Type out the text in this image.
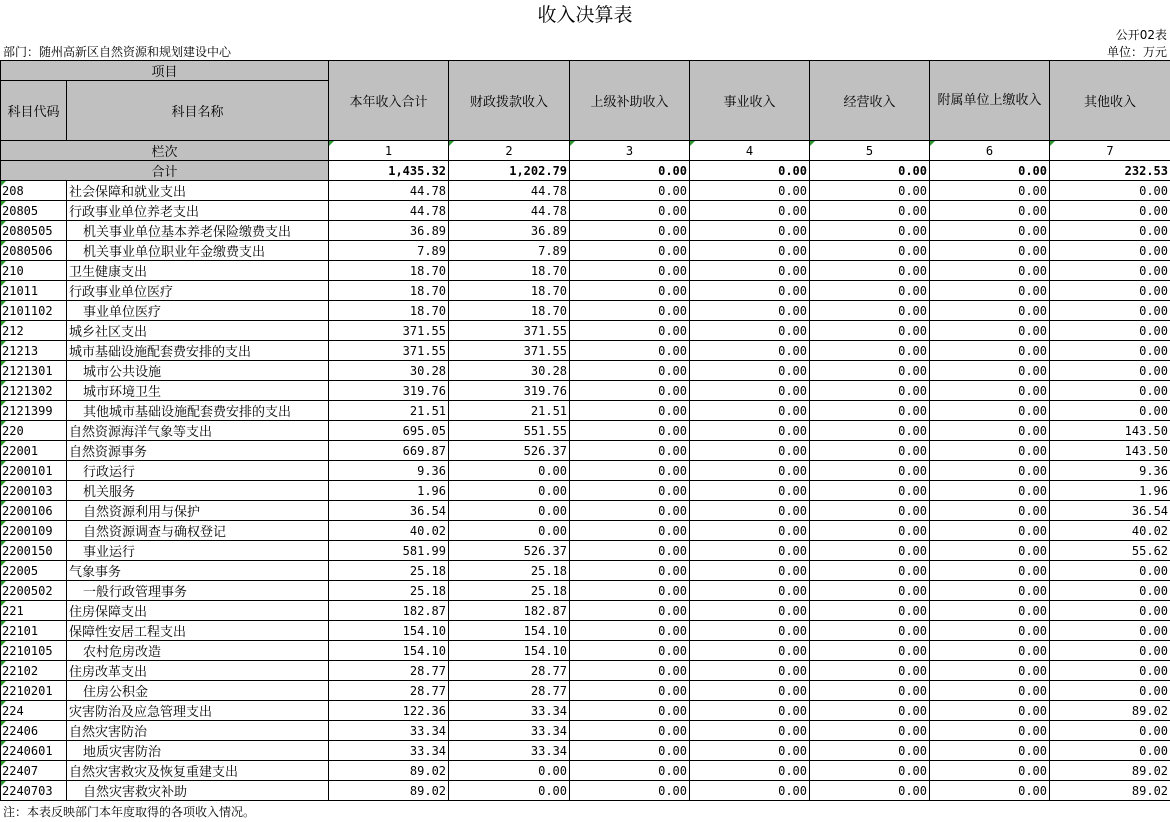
收入决算表
公开02表
部门：随州高新区自然资源和规划建设中心	单位：万元
项目		本年收入合计	财政拨款收入	上级补助收入	事业收入	经营收入	附属单位上缴收入	其他收入
科目代码	科目名称							
栏次		1	2	3	4	5	6	7
合计		1,435.32	1,202.79	0.00	0.00	0.00	0.00	232.53
208	社会保障和就业支出	44.78	44.78	0.00	0.00	0.00	0.00	0.00
20805	行政事业单位养老支出	44.78	44.78	0.00	0.00	0.00	0.00	0.00
2080505	机关事业单位基本养老保险缴费支出	36.89	36.89	0.00	0.00	0.00	0.00	0.00
2080506	机关事业单位职业年金缴费支出	7.89	7.89	0.00	0.00	0.00	0.00	0.00
210	卫生健康支出	18.70	18.70	0.00	0.00	0.00	0.00	0.00
21011	行政事业单位医疗	18.70	18.70	0.00	0.00	0.00	0.00	0.00
2101102	事业单位医疗	18.70	18.70	0.00	0.00	0.00	0.00	0.00
212	城乡社区支出	371.55	371.55	0.00	0.00	0.00	0.00	0.00
21213	城市基础设施配套费安排的支出	371.55	371.55	0.00	0.00	0.00	0.00	0.00
2121301	城市公共设施	30.28	30.28	0.00	0.00	0.00	0.00	0.00
2121302	城市环境卫生	319.76	319.76	0.00	0.00	0.00	0.00	0.00
2121399	其他城市基础设施配套费安排的支出	21.51	21.51	0.00	0.00	0.00	0.00	0.00
220	自然资源海洋气象等支出	695.05	551.55	0.00	0.00	0.00	0.00	143.50
22001	自然资源事务	669.87	526.37	0.00	0.00	0.00	0.00	143.50
2200101	行政运行	9.36	0.00	0.00	0.00	0.00	0.00	9.36
2200103	机关服务	1.96	0.00	0.00	0.00	0.00	0.00	1.96
2200106	自然资源利用与保护	36.54	0.00	0.00	0.00	0.00	0.00	36.54
2200109	自然资源调查与确权登记	40.02	0.00	0.00	0.00	0.00	0.00	40.02
2200150	事业运行	581.99	526.37	0.00	0.00	0.00	0.00	55.62
22005	气象事务	25.18	25.18	0.00	0.00	0.00	0.00	0.00
2200502	一般行政管理事务	25.18	25.18	0.00	0.00	0.00	0.00	0.00
221	住房保障支出	182.87	182.87	0.00	0.00	0.00	0.00	0.00
22101	保障性安居工程支出	154.10	154.10	0.00	0.00	0.00	0.00	0.00
2210105	农村危房改造	154.10	154.10	0.00	0.00	0.00	0.00	0.00
22102	住房改革支出	28.77	28.77	0.00	0.00	0.00	0.00	0.00
2210201	住房公积金	28.77	28.77	0.00	0.00	0.00	0.00	0.00
224	灾害防治及应急管理支出	122.36	33.34	0.00	0.00	0.00	0.00	89.02
22406	自然灾害防治	33.34	33.34	0.00	0.00	0.00	0.00	0.00
2240601	地质灾害防治	33.34	33.34	0.00	0.00	0.00	0.00	0.00
22407	自然灾害救灾及恢复重建支出	89.02	0.00	0.00	0.00	0.00	0.00	89.02
2240703	自然灾害救灾补助	89.02	0.00	0.00	0.00	0.00	0.00	89.02
注：本表反映部门本年度取得的各项收入情况。
